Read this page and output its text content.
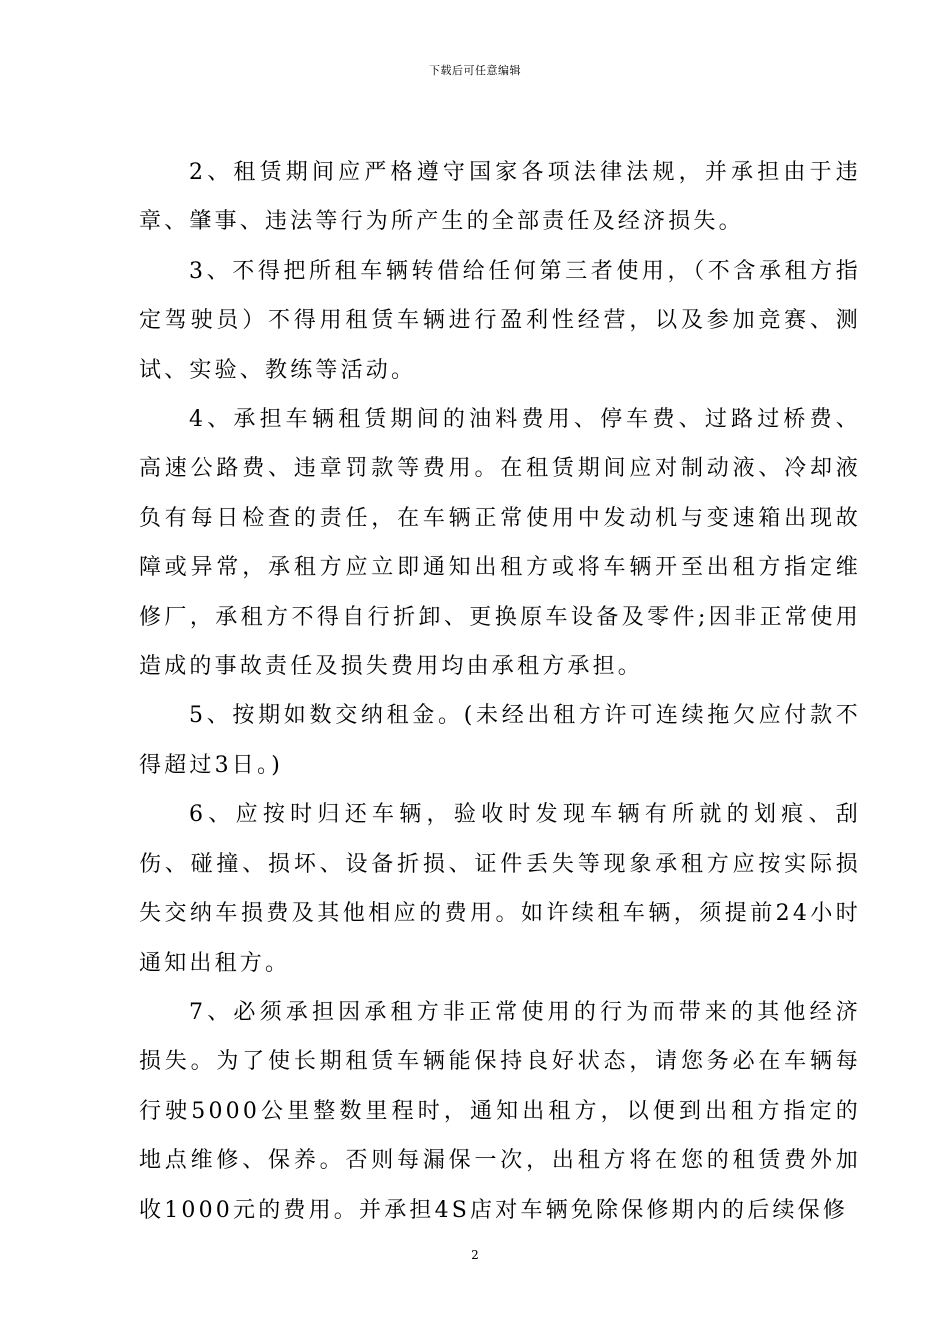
下载后可任意编辑

2、租赁期间应严格遵守国家各项法律法规，并承担由于违章、肇事、违法等行为所产生的全部责任及经济损失。

3、不得把所租车辆转借给任何第三者使用，（不含承租方指定驾驶员）不得用租赁车辆进行盈利性经营，以及参加竞赛、测试、实验、教练等活动。

4、承担车辆租赁期间的油料费用、停车费、过路过桥费、高速公路费、违章罚款等费用。在租赁期间应对制动液、冷却液负有每日检查的责任，在车辆正常使用中发动机与变速箱出现故障或异常，承租方应立即通知出租方或将车辆开至出租方指定维修厂，承租方不得自行折卸、更换原车设备及零件;因非正常使用造成的事故责任及损失费用均由承租方承担。

5、按期如数交纳租金。(未经出租方许可连续拖欠应付款不得超过3日。)

6、应按时归还车辆，验收时发现车辆有所就的划痕、刮伤、碰撞、损坏、设备折损、证件丢失等现象承租方应按实际损失交纳车损费及其他相应的费用。如许续租车辆，须提前24小时通知出租方。

7、必须承担因承租方非正常使用的行为而带来的其他经济损失。为了使长期租赁车辆能保持良好状态，请您务必在车辆每行驶5000公里整数里程时，通知出租方，以便到出租方指定的地点维修、保养。否则每漏保一次，出租方将在您的租赁费外加收1000元的费用。并承担4S店对车辆免除保修期内的后续保修

2
